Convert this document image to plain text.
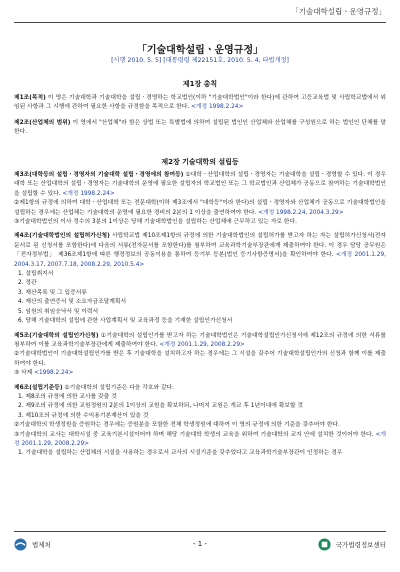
「기술대학설립ㆍ운영규정」
「기술대학설립ㆍ운영규정」
[시행 2010. 5. 5] [대통령령 제22151호, 2010. 5. 4, 타법개정]
제1장 총칙

제1조(목적) 이 영은 기술대학과 기술대학을 설립ㆍ경영하는 학교법인(이하 "기술대학법인"이라 한다)에 관하여 고등교육법 및 사립학교법에서 위임된 사항과 그 시행에 관하여 필요한 사항을 규정함을 목적으로 한다. <개정 1998.2.24>

제2조(산업체의 범위) 이 영에서 "산업체"라 함은 상법 또는 특별법에 의하여 설립된 법인인 산업체와 산업체를 구성원으로 하는 법인인 단체를 말한다.

제2장 기술대학의 설립등

제3조(대학등의 설립ㆍ경영자의 기술대학 설립ㆍ경영에의 참여등) ①대학ㆍ산업대학의 설립ㆍ경영자는 기술대학을 설립ㆍ경영할 수 있다. 이 경우 대학 또는 산업대학의 설립ㆍ경영자는 기술대학의 운영에 필요한 설립자의 학교법인 또는 그 학교법인과 산업체가 공동으로 참여하는 기술대학법인을 설립할 수 있다. <개정 1998.2.24>

②제1항의 규정에 의하여 대학ㆍ산업대학 또는 전문대학(이하 제3조에서 "대학등"이라 한다)의 설립ㆍ경영자와 산업체가 공동으로 기술대학법인을 설립하는 경우에는 산업체는 기술대학의 운영에 필요한 경비의 2분의 1 이상을 출연하여야 한다. <개정 1998.2.24, 2004.3.29>

③기술대학법인의 이사 정수의 3분의 1이상은 당해 기술대학법인을 설립하는 산업체에 근무하고 있는 자로 한다.

제4조(기술대학법인의 설립허가신청) 사립학교법 제10조제1항의 규정에 의한 기술대학법인의 설립허가를 받고자 하는 자는 설립허가신청서(전자문서로 된 신청서를 포함한다)에 다음의 서류(전자문서를 포함한다)를 첨부하여 교육과학기술부장관에게 제출하여야 한다. 이 경우 담당 공무원은 「전자정부법」 제36조제1항에 따른 행정정보의 공동이용을 통하여 등기부 등본(법인 등기사항증명서)을 확인하여야 한다. <개정 2001.1.29, 2004.3.17, 2007.7.18, 2008.2.29, 2010.5.4>

1. 설립취지서

2. 정관

3. 재산목록 및 그 입증서류

4. 재산의 출연증서 및 소요자금조달계획서

5. 임원의 취임승낙서 및 이력서

6. 당해 기술대학의 설립에 관한 사업계획서 및 교육과정 등을 기재한 설립인가신청서

제5조(기술대학의 설립인가신청) ①기술대학의 설립인가를 받고자 하는 기술대학법인은 기술대학설립인가신청서에 제12조의 규정에 의한 서류를 첨부하여 이를 교육과학기술부장관에게 제출하여야 한다. <개정 2001.1.29, 2008.2.29>

②기술대학법인이 기술대학설립인가를 받은 후 기술대학을 설치하고자 하는 경우에는 그 시설을 갖추어 기술대학설립인가의 신청과 함께 이를 제출하여야 한다.

③ 삭제 <1998.2.24>

제6조(설립기준등) ①기술대학의 설립기준은 다음 각호와 같다.

1. 제8조의 규정에 의한 교사를 갖출 것

2. 제9조의 규정에 의한 교원정원의 2분의 1이상의 교원을 확보하되, 나머지 교원은 개교 후 1년이내에 확보할 것

3. 제10조의 규정에 의한 수익용기본재산이 있을 것

②기술대학의 학생정원을 증원하는 경우에는 증원분을 포함한 전체 학생정원에 대하여 이 영의 규정에 의한 기준을 갖추어야 한다.

③기술대학의 교사는 대학시설 중 교육기본시설이어야 하며 해당 기술대학 학생의 교육을 위하여 기술대학의 교지 안에 설치한 것이어야 한다. <개정 2001.1.29, 2008.2.29>

1. 기술대학을 설립하는 산업체의 시설을 사용하는 경우로서 교사의 시설기준을 갖추었다고 교육과학기술부장관이 인정하는 경우

법제처	- 1 -	국가법령정보센터
